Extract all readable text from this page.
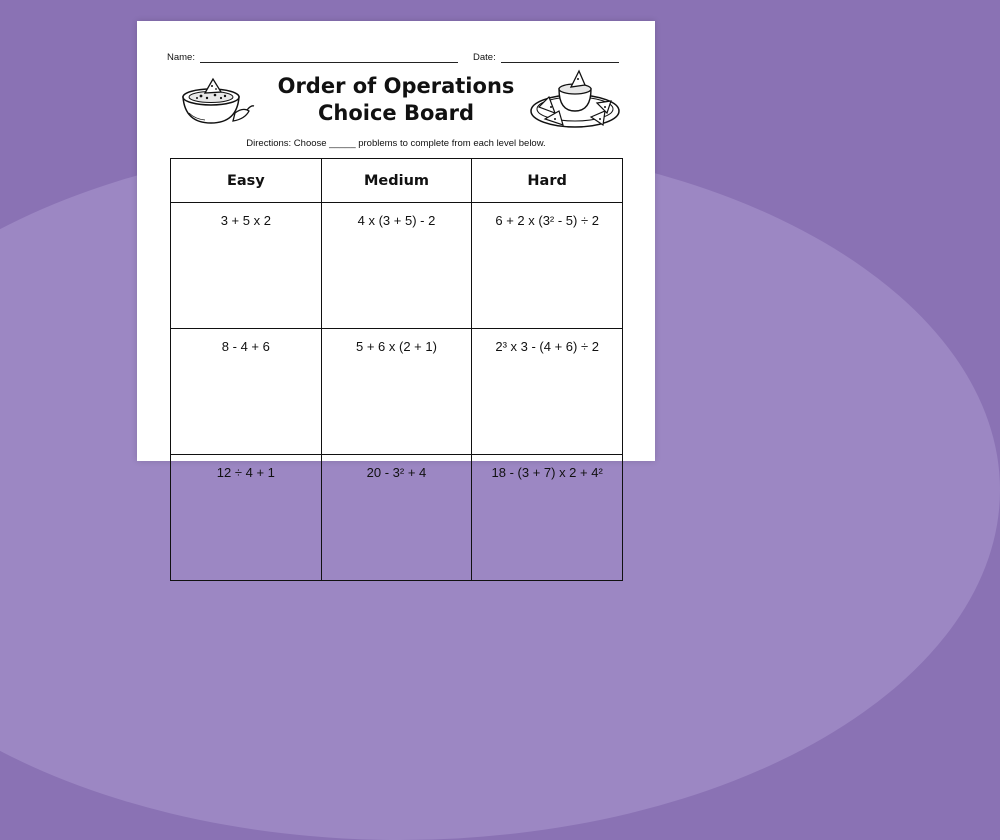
Name:	Date:
Order of Operations
Choice Board
Directions: Choose _____ problems to complete from each level below.
Easy	Medium	Hard
3 + 5 x 2	4 x (3 + 5) - 2	6 + 2 x (3² - 5) ÷ 2
8 - 4 + 6	5 + 6 x (2 + 1)	2³ x 3 - (4 + 6) ÷ 2
12 ÷ 4 + 1	20 - 3² + 4	18 - (3 + 7) x 2 + 4²
